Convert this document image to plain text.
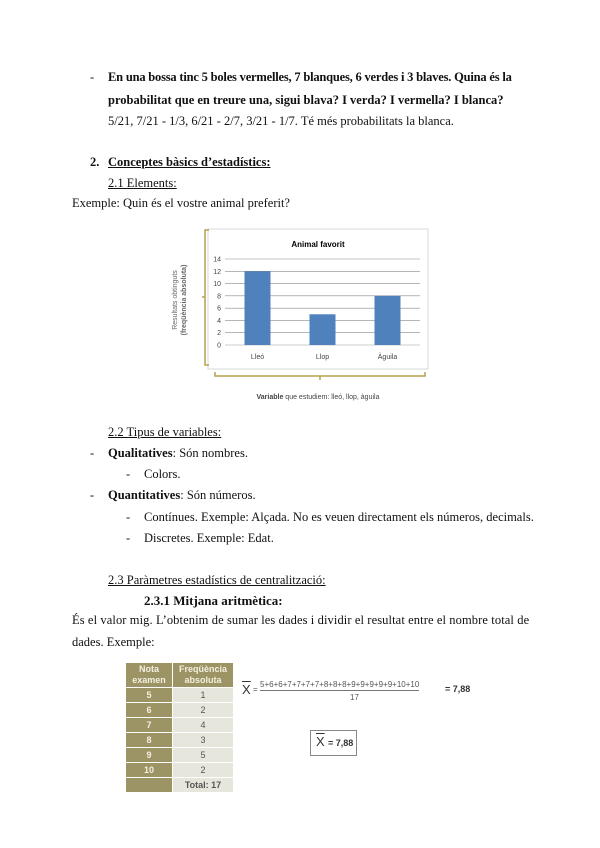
- En una bossa tinc 5 boles vermelles, 7 blanques, 6 verdes i 3 blaves. Quina és la
probabilitat que en treure una, sigui blava? I verda? I vermella? I blanca?
5/21, 7/21 - 1/3, 6/21 - 2/7, 3/21 - 1/7. Té més probabilitats la blanca.
2. Conceptes bàsics d’estadístics:
2.1 Elements:
Exemple: Quin és el vostre animal preferit?
Animal favorit
Resultats obtinguts (freqüència absoluta)
0
2
4
6
8
10
12
14
Lleó	Llop	Àguila
Variable que estudiem: lleó, llop, àguila
2.2 Tipus de variables:
- Qualitatives: Són nombres.
- Colors.
- Quantitatives: Són números.
- Contínues. Exemple: Alçada. No es veuen directament els números, decimals.
- Discretes. Exemple: Edat.
2.3 Paràmetres estadístics de centralització:
2.3.1 Mitjana aritmètica:
És el valor mig. L’obtenim de sumar les dades i dividir el resultat entre el nombre total de
dades. Exemple:
Nota
examen	Freqüència
absoluta
5	1
6	2
7	4
8	3
9	5
10	2
	Total: 17
$\overline{X}$ =
5+6+6+7+7+7+7+8+8+8+9+9+9+9+9+10+10
17
= 7,88
$\overline{X} = 7,88$
